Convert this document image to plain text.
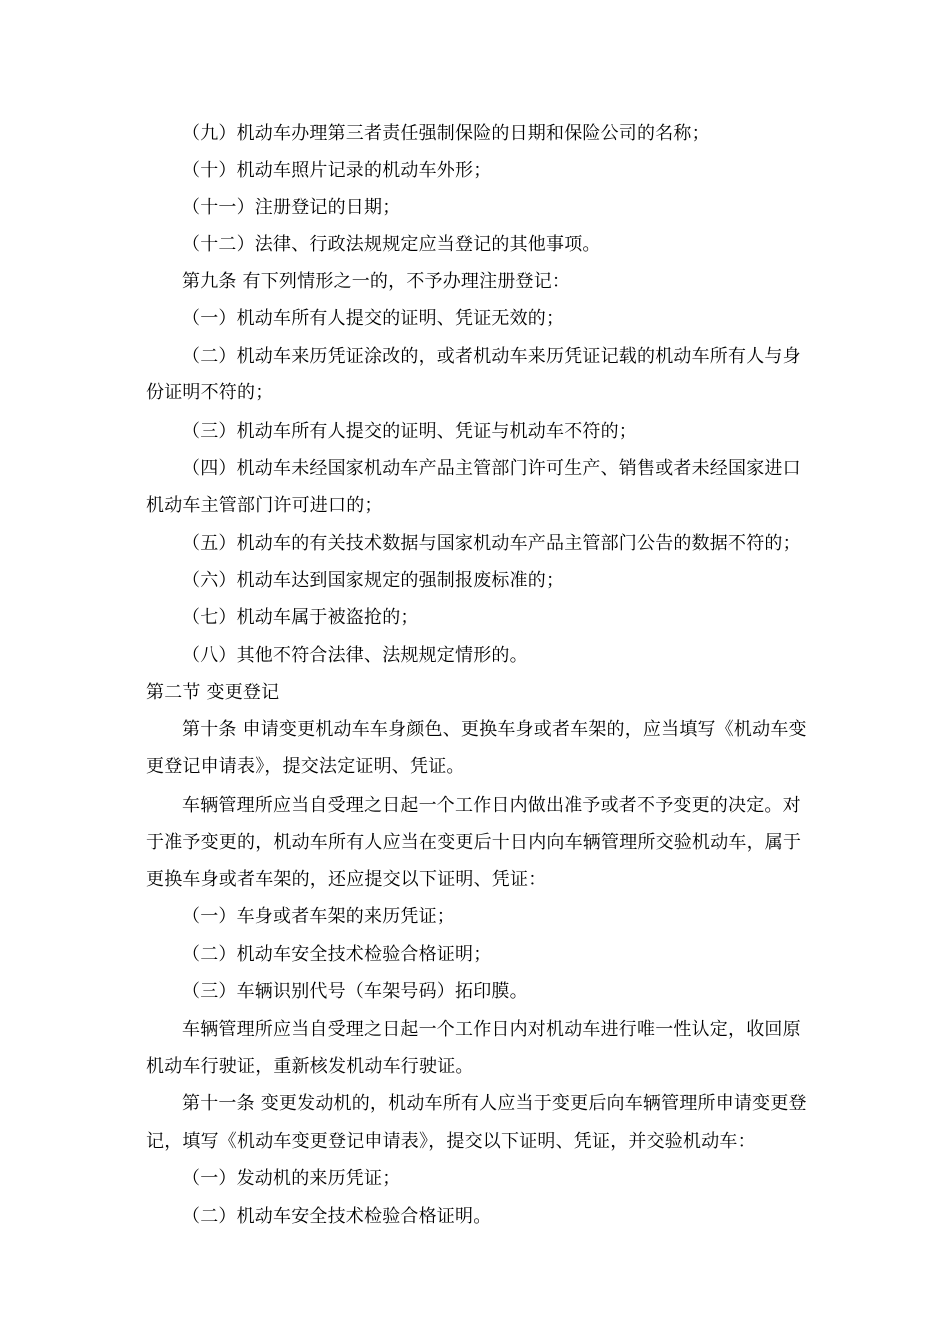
（九）机动车办理第三者责任强制保险的日期和保险公司的名称；
（十）机动车照片记录的机动车外形；
（十一）注册登记的日期；
（十二）法律、行政法规规定应当登记的其他事项。
第九条 有下列情形之一的，不予办理注册登记：
（一）机动车所有人提交的证明、凭证无效的；
（二）机动车来历凭证涂改的，或者机动车来历凭证记载的机动车所有人与身
份证明不符的；
（三）机动车所有人提交的证明、凭证与机动车不符的；
（四）机动车未经国家机动车产品主管部门许可生产、销售或者未经国家进口
机动车主管部门许可进口的；
（五）机动车的有关技术数据与国家机动车产品主管部门公告的数据不符的；
（六）机动车达到国家规定的强制报废标准的；
（七）机动车属于被盗抢的；
（八）其他不符合法律、法规规定情形的。
第二节 变更登记
第十条 申请变更机动车车身颜色、更换车身或者车架的，应当填写《机动车变
更登记申请表》，提交法定证明、凭证。
车辆管理所应当自受理之日起一个工作日内做出准予或者不予变更的决定。对
于准予变更的，机动车所有人应当在变更后十日内向车辆管理所交验机动车，属于
更换车身或者车架的，还应提交以下证明、凭证：
（一）车身或者车架的来历凭证；
（二）机动车安全技术检验合格证明；
（三）车辆识别代号（车架号码）拓印膜。
车辆管理所应当自受理之日起一个工作日内对机动车进行唯一性认定，收回原
机动车行驶证，重新核发机动车行驶证。
第十一条 变更发动机的，机动车所有人应当于变更后向车辆管理所申请变更登
记，填写《机动车变更登记申请表》，提交以下证明、凭证，并交验机动车：
（一）发动机的来历凭证；
（二）机动车安全技术检验合格证明。
